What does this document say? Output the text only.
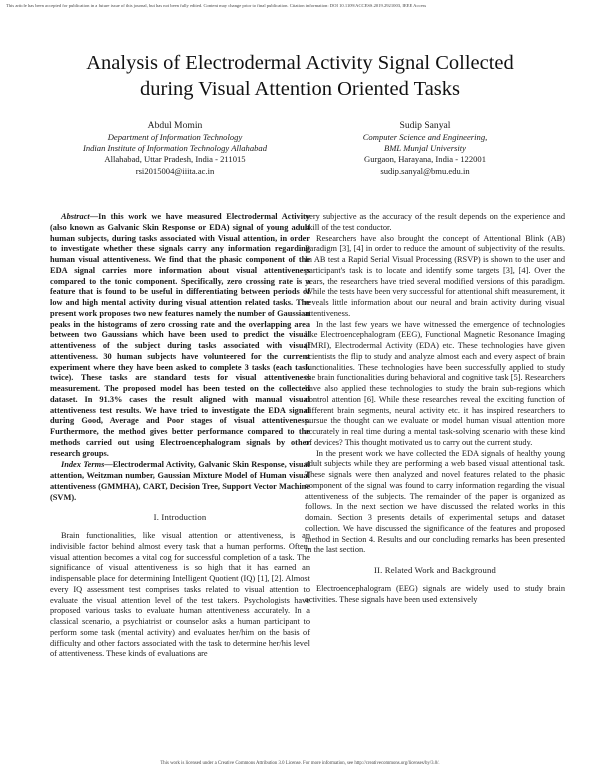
This article has been accepted for publication in a future issue of this journal, but has not been fully edited. Content may change prior to final publication. Citation information: DOI 10.1109/ACCESS.2019.2921003, IEEE Access
Analysis of Electrodermal Activity Signal Collected
during Visual Attention Oriented Tasks
Abdul Momin
Department of Information Technology
Indian Institute of Information Technology Allahabad
Allahabad, Uttar Pradesh, India - 211015
rsi2015004@iiita.ac.in
Sudip Sanyal
Computer Science and Engineering,
BML Munjal University
Gurgaon, Harayana, India - 122001
sudip.sanyal@bmu.edu.in

Abstract—In this work we have measured Electrodermal Activity (also known as Galvanic Skin Response or EDA) signal of young adult human subjects, during tasks associated with Visual attention, in order to investigate whether these signals carry any information regarding human visual attentiveness. We find that the phasic component of the EDA signal carries more information about visual attentiveness compared to the tonic component. Specifically, zero crossing rate is a feature that is found to be useful in differentiating between periods of low and high mental activity during visual attention related tasks. The present work proposes two new features namely the number of Gaussian peaks in the histograms of zero crossing rate and the overlapping area between two Gaussians which have been used to predict the visual attentiveness of the subject during tasks associated with visual attentiveness. 30 human subjects have volunteered for the current experiment where they have been asked to complete 3 tasks (each task twice). These tasks are standard tests for visual attentiveness measurement. The proposed model has been tested on the collected dataset. In 91.3% cases the result aligned with manual visual attentiveness test results. We have tried to investigate the EDA signal during Good, Average and Poor stages of visual attentiveness. Furthermore, the method gives better performance compared to the methods carried out using Electroencephalogram signals by other research groups.

Index Terms—Electrodermal Activity, Galvanic Skin Response, visual attention, Weitzman number, Gaussian Mixture Model of Human visual attentiveness (GMMHA), CART, Decision Tree, Support Vector Machine (SVM).

I. Introduction

Brain functionalities, like visual attention or attentiveness, is an indivisible factor behind almost every task that a human performs. Often, visual attention becomes a vital cog for successful completion of a task. The significance of visual attentiveness is so high that it has earned an indispensable place for determining Intelligent Quotient (IQ) [1], [2]. Almost every IQ assessment test comprises tasks related to visual attention to evaluate the visual attention level of the test takers. Psychologists have proposed various tasks to evaluate human attentiveness accurately. In a classical scenario, a psychiatrist or counselor asks a human participant to perform some task (mental activity) and evaluates her/him on the basis of difficulty and other factors associated with the task to determine her/his level of attentiveness. These kinds of evaluations are

very subjective as the accuracy of the result depends on the experience and skill of the test conductor.

Researchers have also brought the concept of Attentional Blink (AB) Paradigm [3], [4] in order to reduce the amount of subjectivity of the results. In AB test a Rapid Serial Visual Processing (RSVP) is shown to the user and participant's task is to locate and identify some targets [3], [4]. Over the years, the researchers have tried several modified versions of this paradigm. While the tests have been very successful for attentional shift measurement, it reveals little information about our neural and brain activity during visual attentiveness.

In the last few years we have witnessed the emergence of technologies like Electroencephalogram (EEG), Functional Magnetic Resonance Imaging (fMRI), Electrodermal Activity (EDA) etc. These technologies have given scientists the flip to study and analyze almost each and every aspect of brain functionalities. These technologies have been successfully applied to study the brain functionalities during behavioral and cognitive task [5]. Researchers have also applied these technologies to study the brain sub-regions which control attention [6]. While these researches reveal the exciting function of different brain segments, neural activity etc. it has inspired researchers to pursue the thought can we evaluate or model human visual attention more accurately in real time during a mental task-solving scenario with these kind of devices? This thought motivated us to carry out the current study.

In the present work we have collected the EDA signals of healthy young adult subjects while they are performing a web based visual attentional task. These signals were then analyzed and novel features related to the phasic component of the signal was found to carry information regarding the visual attentiveness of the subjects. The remainder of the paper is organized as follows. In the next section we have discussed the related works in this domain. Section 3 presents details of experimental setups and dataset collection. We have discussed the significance of the features and proposed method in Section 4. Results and our concluding remarks has been presented in the last section.

II. Related Work and Background

Electroencephalogram (EEG) signals are widely used to study brain activities. These signals have been used extensively

This work is licensed under a Creative Commons Attribution 3.0 License. For more information, see http://creativecommons.org/licenses/by/3.0/.
